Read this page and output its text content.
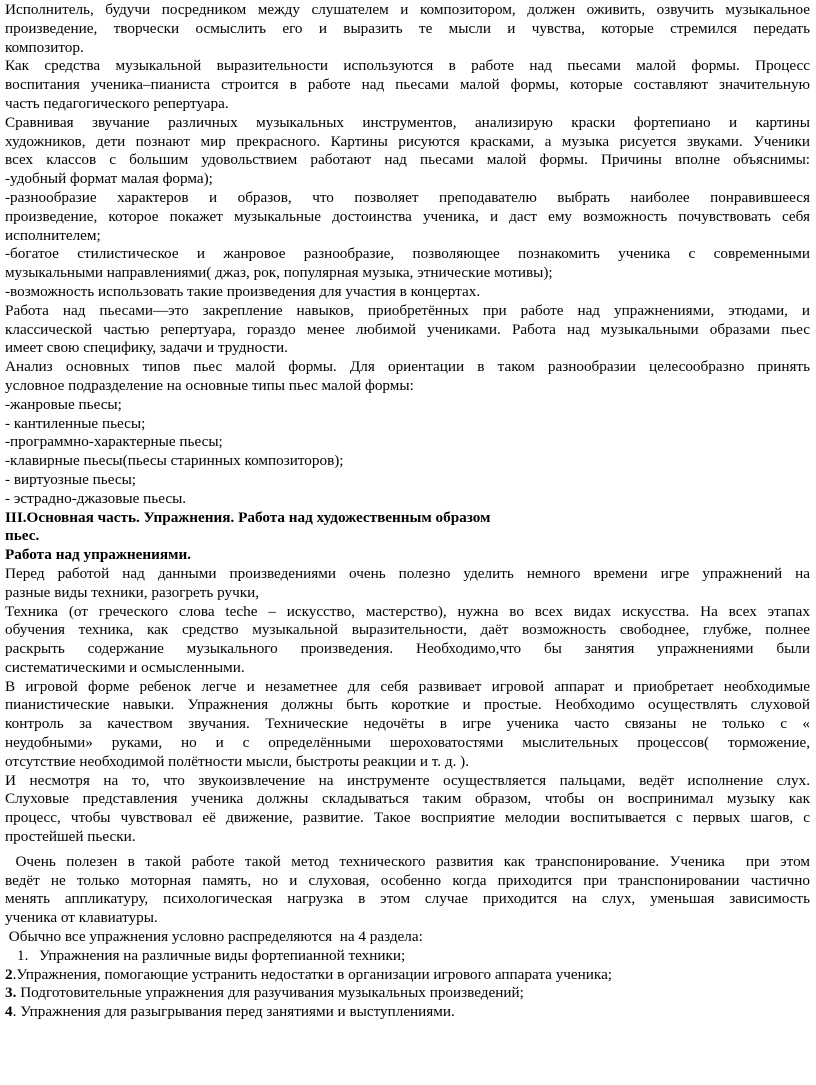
Исполнитель, будучи посредником между слушателем и композитором, должен оживить, озвучить музыкальное
произведение, творчески осмыслить его и выразить те мысли и чувства, которые стремился передать
композитор.

Как средства музыкальной выразительности используются в работе над пьесами малой формы. Процесс
воспитания ученика–пианиста строится в работе над пьесами малой формы, которые составляют значительную
часть педагогического репертуара.

Сравнивая звучание различных музыкальных инструментов, анализирую краски фортепиано и картины
художников, дети познают мир прекрасного. Картины рисуются красками, а музыка рисуется звуками. Ученики
всех классов с большим удовольствием работают над пьесами малой формы. Причины вполне объяснимы:

-удобный формат малая форма);

-разнообразие характеров и образов, что позволяет преподавателю выбрать наиболее понравившееся
произведение, которое покажет музыкальные достоинства ученика, и даст ему возможность почувствовать себя
исполнителем;

-богатое стилистическое и жанровое разнообразие, позволяющее познакомить ученика с современными
музыкальными направлениями( джаз, рок, популярная музыка, этнические мотивы);

-возможность использовать такие произведения для участия в концертах.

Работа над пьесами—это закрепление навыков, приобретённых при работе над упражнениями, этюдами, и
классической частью репертуара, гораздо менее любимой учениками. Работа над музыкальными образами пьес
имеет свою специфику, задачи и трудности.

Анализ основных типов пьес малой формы. Для ориентации в таком разнообразии целесообразно принять
условное подразделение на основные типы пьес малой формы:

-жанровые пьесы;

- кантиленные пьесы;

-программно-характерные пьесы;

-клавирные пьесы(пьесы старинных композиторов);

- виртуозные пьесы;

- эстрадно-джазовые пьесы.

III.Основная часть. Упражнения. Работа над художественным образом

пьес.

Работа над упражнениями.

Перед работой над данными произведениями очень полезно уделить немного времени игре упражнений на
разные виды техники, разогреть ручки,

Техника (от греческого слова teche – искусство, мастерство), нужна во всех видах искусства. На всех этапах
обучения техника, как средство музыкальной выразительности, даёт возможность свободнее, глубже, полнее
раскрыть содержание музыкального произведения. Необходимо,что бы занятия упражнениями были
систематическими и осмысленными.

В игровой форме ребенок легче и незаметнее для себя развивает игровой аппарат и приобретает необходимые
пианистические навыки. Упражнения должны быть короткие и простые. Необходимо осуществлять слуховой
контроль за качеством звучания. Технические недочёты в игре ученика часто связаны не только с «
неудобными» руками, но и с определёнными шероховатостями мыслительных процессов( торможение,
отсутствие необходимой полётности мысли, быстроты реакции и т. д. ).

И несмотря на то, что звукоизвлечение на инструменте осуществляется пальцами, ведёт исполнение слух.
Слуховые представления ученика должны складываться таким образом, чтобы он воспринимал музыку как
процесс, чтобы чувствовал её движение, развитие. Такое восприятие мелодии воспитывается с первых шагов, с
простейшей пьески.

Очень полезен в такой работе такой метод технического развития как транспонирование. Ученика  при этом
ведёт не только моторная память, но и слуховая, особенно когда приходится при транспонировании частично
менять аппликатуру, психологическая нагрузка в этом случае приходится на слух, уменьшая зависимость
ученика от клавиатуры.

Обычно все упражнения условно распределяются  на 4 раздела:

1. Упражнения на различные виды фортепианной техники;

2.Упражнения, помогающие устранить недостатки в организации игрового аппарата ученика;

3. Подготовительные упражнения для разучивания музыкальных произведений;

4. Упражнения для разыгрывания перед занятиями и выступлениями.
